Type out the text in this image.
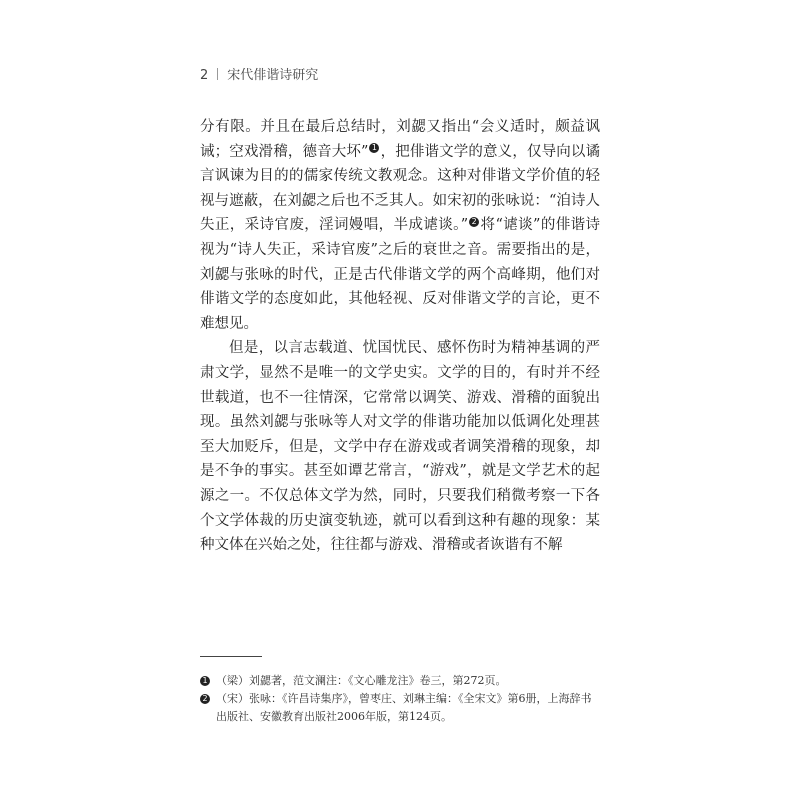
2 宋代俳谐诗研究

分有限。并且在最后总结时，刘勰又指出“会义适时，颇益讽诫；空戏滑稽，德音大坏” 1 ，把俳谐文学的意义，仅导向以谲言讽谏为目的的儒家传统文教观念。这种对俳谐文学价值的轻视与遮蔽，在刘勰之后也不乏其人。如宋初的张咏说：“洎诗人失正，采诗官废，淫词嫚唱，半成谑谈。” 2 将“谑谈”的俳谐诗视为“诗人失正，采诗官废”之后的衰世之音。需要指出的是，刘勰与张咏的时代，正是古代俳谐文学的两个高峰期，他们对俳谐文学的态度如此，其他轻视、反对俳谐文学的言论，更不难想见。

但是，以言志载道、忧国忧民、感怀伤时为精神基调的严肃文学，显然不是唯一的文学史实。文学的目的，有时并不经世载道，也不一往情深，它常常以调笑、游戏、滑稽的面貌出现。虽然刘勰与张咏等人对文学的俳谐功能加以低调化处理甚至大加贬斥，但是，文学中存在游戏或者调笑滑稽的现象，却是不争的事实。甚至如谭艺常言，“游戏”，就是文学艺术的起源之一。不仅总体文学为然，同时，只要我们稍微考察一下各个文学体裁的历史演变轨迹，就可以看到这种有趣的现象：某种文体在兴始之处，往往都与游戏、滑稽或者诙谐有不解

1 （梁）刘勰著，范文澜注：《文心雕龙注》卷三，第272页。
2 （宋）张咏：《许昌诗集序》，曾枣庄、刘琳主编：《全宋文》第6册，上海辞书出版社、安徽教育出版社2006年版，第124页。
